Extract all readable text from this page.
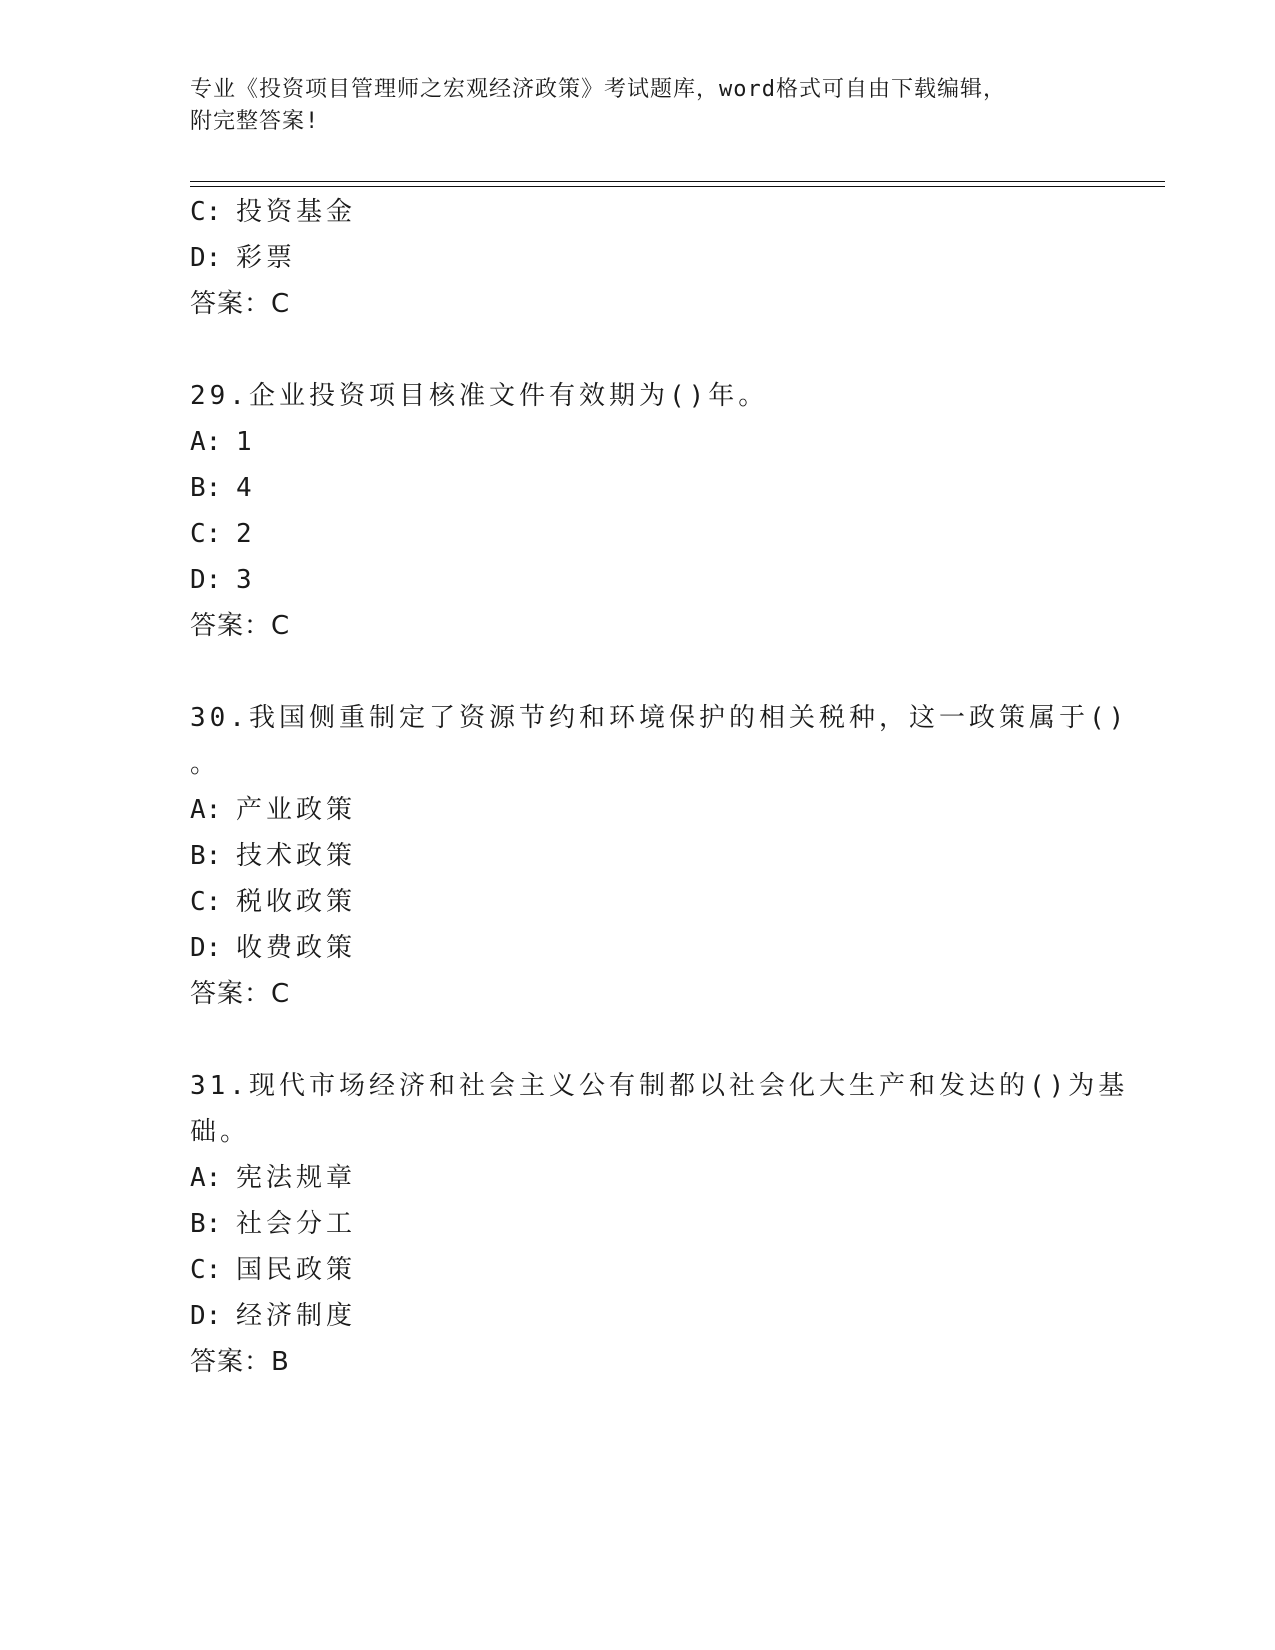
专业《投资项目管理师之宏观经济政策》考试题库，word格式可自由下载编辑，
附完整答案!
C: 投资基金
D: 彩票
答案：C
29.企业投资项目核准文件有效期为()年。
A: 1
B: 4
C: 2
D: 3
答案：C
30.我国侧重制定了资源节约和环境保护的相关税种，这一政策属于()
。
A: 产业政策
B: 技术政策
C: 税收政策
D: 收费政策
答案：C
31.现代市场经济和社会主义公有制都以社会化大生产和发达的()为基
础。
A: 宪法规章
B: 社会分工
C: 国民政策
D: 经济制度
答案：B
